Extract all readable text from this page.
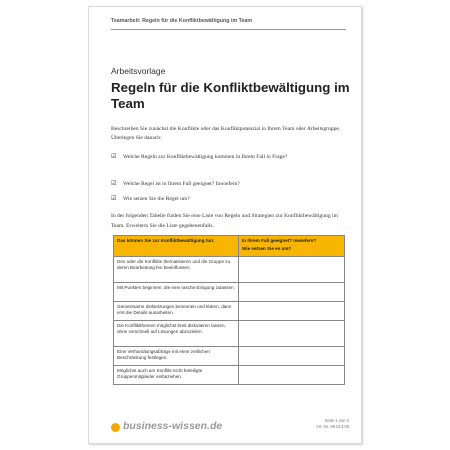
Teamarbeit: Regeln für die Konfliktbewältigung im Team
Arbeitsvorlage
Regeln für die Konfliktbewältigung im Team
Beschreiben Sie zunächst die Konflikte oder das Konfliktpotenzial in Ihrem Team oder Arbeitsgruppe. Überlegen Sie danach:
☑ Welche Regeln zur Konfliktbewältigung kommen in Ihrem Fall in Frage?
☑ Welche Regel ist in Ihrem Fall geeignet? Inwiefern?
☑ Wie setzen Sie die Regel um?
In der folgenden Tabelle finden Sie eine Liste von Regeln und Strategien zur Konfliktbewältigung im Team. Erweitern Sie die Liste gegebenenfalls.
Das können Sie zur Konfliktbewältigung tun:	In Ihrem Fall geeignet? Inwiefern?
Wie setzen Sie es um?

Den oder die Konflikte thematisieren und die Gruppe zu deren Bearbeitung fen beeinflussen.	
Mit Punkten beginnen, die eine rasche Einigung zulassen.	
Gemeinsame Zielsetzungen benennen und klären, dann erst die Details ausarbeiten.	
Die Konfliktthemen möglichst breit diskutieren lassen, ohne vorschnell auf Lösungen abzuzielen.	
Eine Verhandlungsabfolge mit einer zeitlichen Beschränkung festlegen.	
Möglichst auch am Konflikt nicht beteiligte Gruppenmitglieder einbeziehen.	
business-wissen.de	Seite 1 von 2
Art.-Nr. 99.013.05
